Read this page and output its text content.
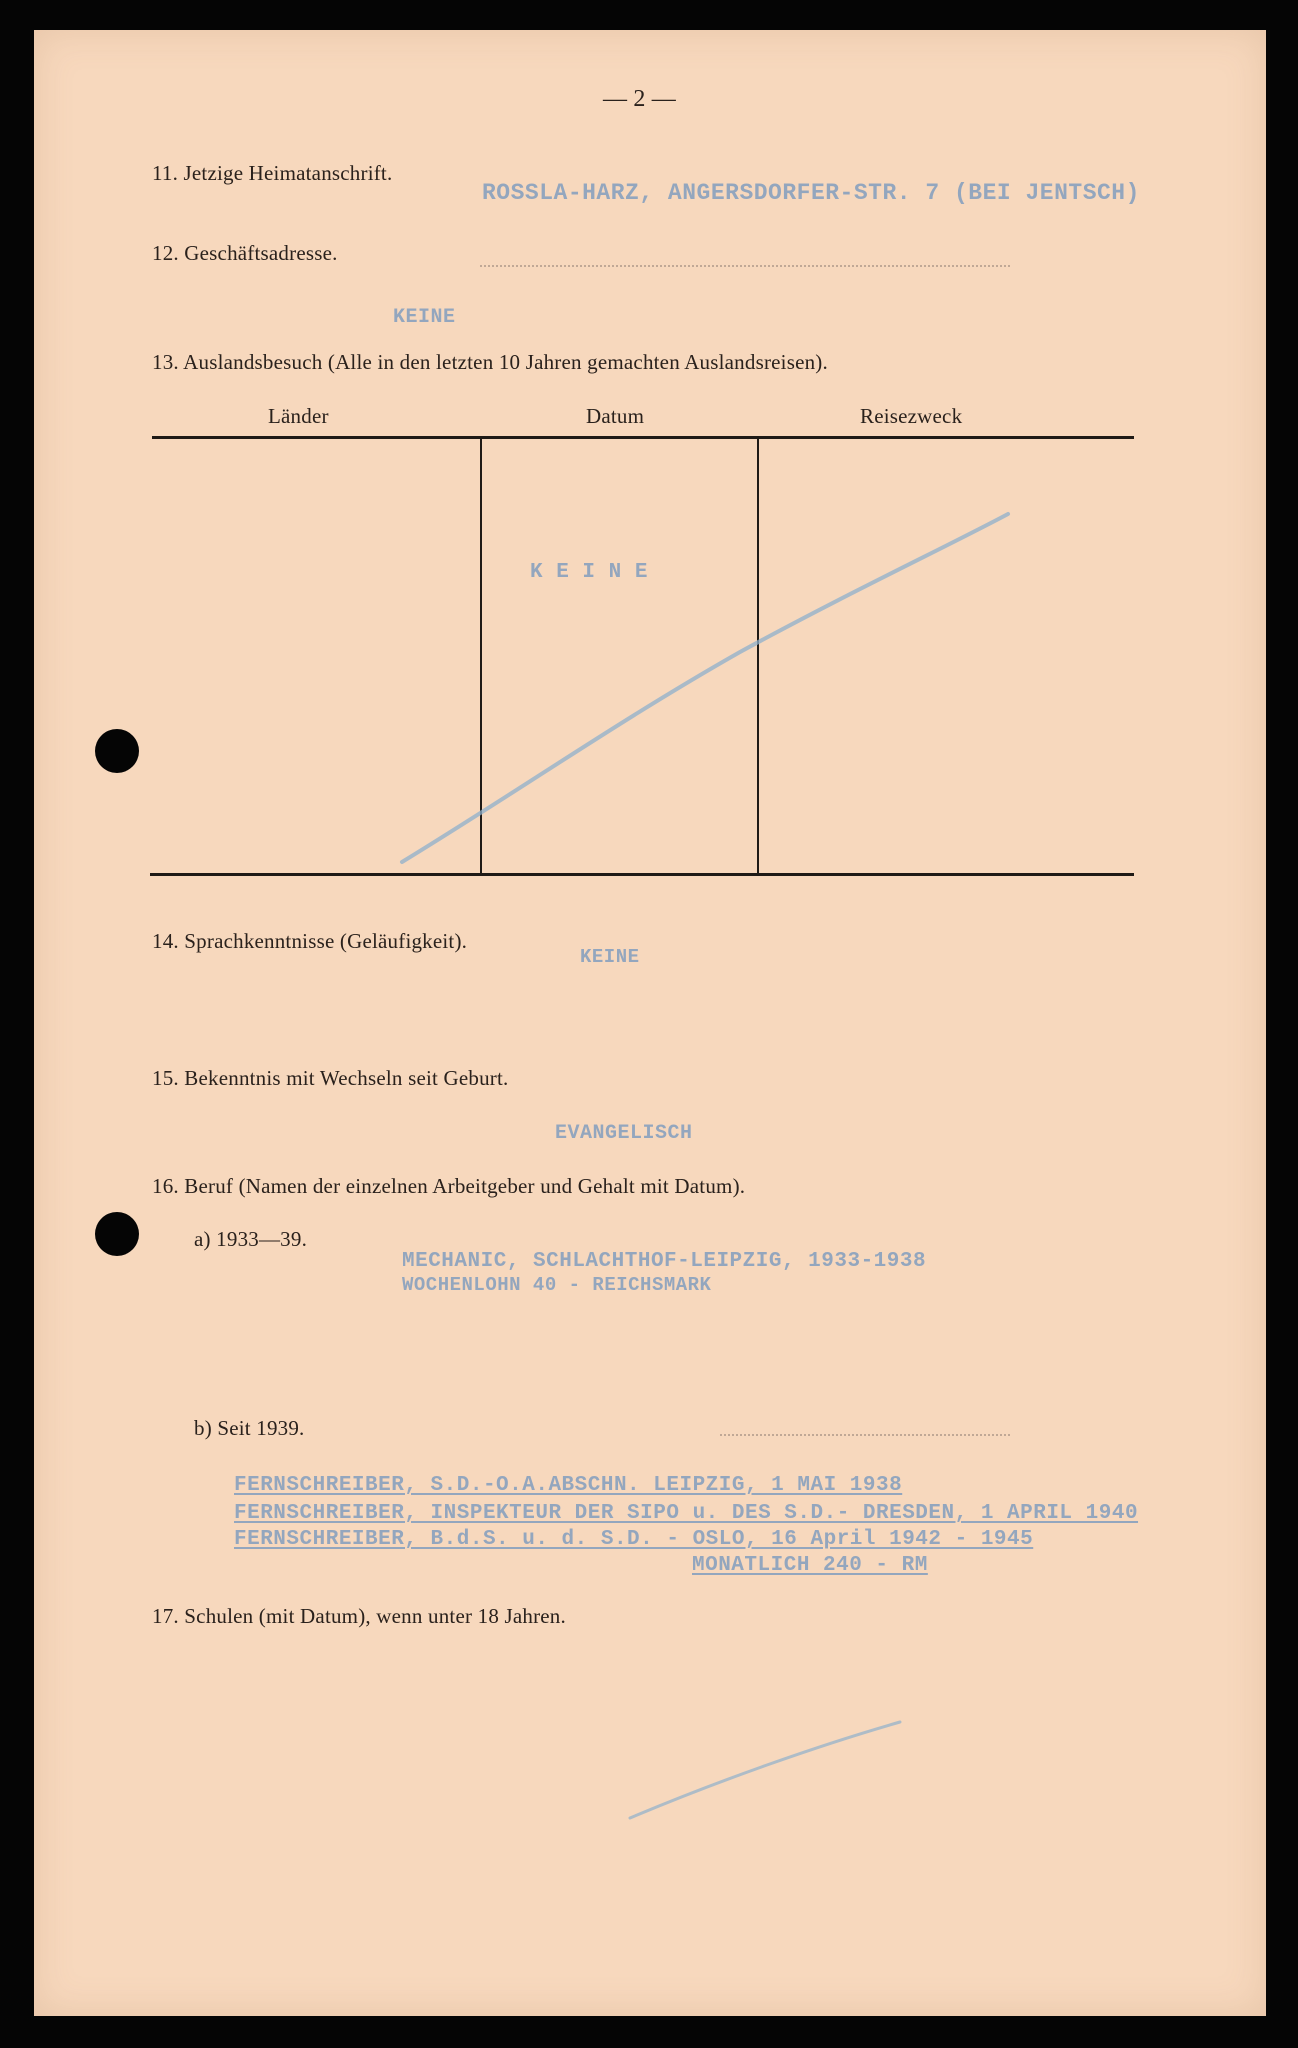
— 2 —
11. Jetzige Heimatanschrift.
ROSSLA-HARZ, ANGERSDORFER-STR. 7 (BEI JENTSCH)
12. Geschäftsadresse.
KEINE
13. Auslandsbesuch (Alle in den letzten 10 Jahren gemachten Auslandsreisen).
Länder	Datum	Reisezweck
K E I N E
14. Sprachkenntnisse (Geläufigkeit).
KEINE
15. Bekenntnis mit Wechseln seit Geburt.
EVANGELISCH
16. Beruf (Namen der einzelnen Arbeitgeber und Gehalt mit Datum).
a) 1933—39.
MECHANIC, SCHLACHTHOF-LEIPZIG, 1933-1938
WOCHENLOHN 40 - REICHSMARK
b) Seit 1939.
FERNSCHREIBER, S.D.-O.A.ABSCHN. LEIPZIG, 1 MAI 1938
FERNSCHREIBER, INSPEKTEUR DER SIPO u. DES S.D.- DRESDEN, 1 APRIL 1940
FERNSCHREIBER, B.d.S. u. d. S.D. - OSLO, 16 April 1942 - 1945
MONATLICH 240 - RM
17. Schulen (mit Datum), wenn unter 18 Jahren.
